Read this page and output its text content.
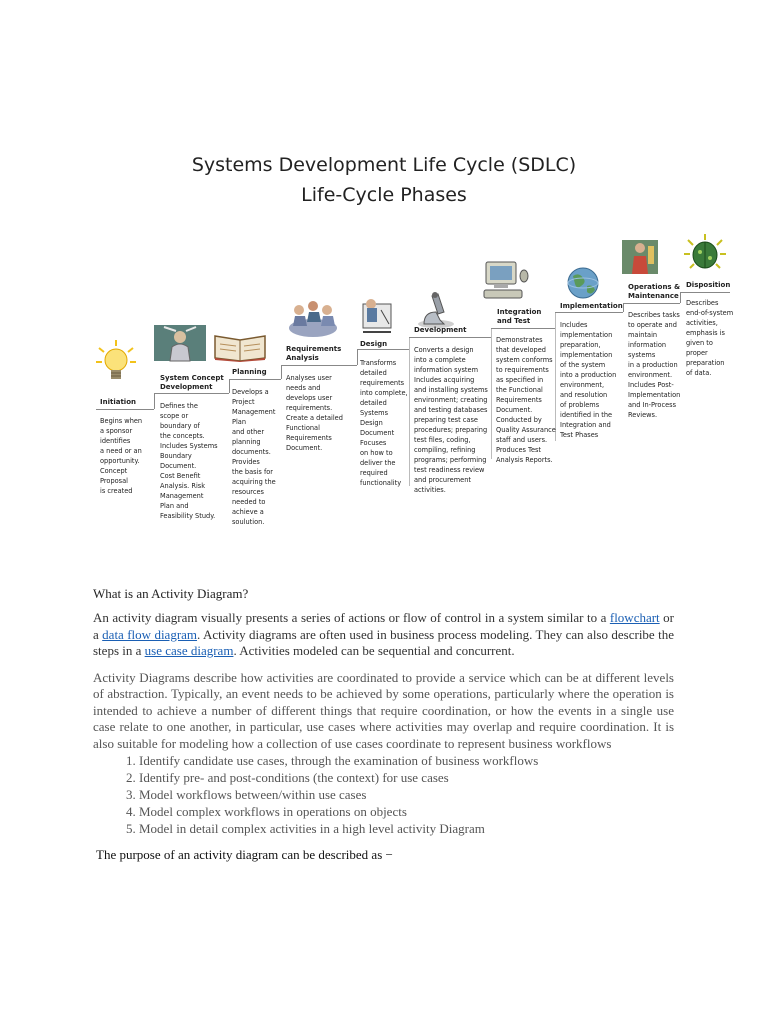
Systems Development Life Cycle (SDLC)
Life-Cycle Phases
Initiation
System Concept
Development
Planning
Requirements
Analysis
Design
Development
Integration
and Test
Implementation
Operations &
Maintenance
Disposition
Begins when
a sponsor
identifies
a need or an
opportunity.
Concept
Proposal
is created
Defines the
scope or
boundary of
the concepts.
Includes Systems
Boundary
Document.
Cost Benefit
Analysis. Risk
Management
Plan and
Feasibility Study.
Develops a
Project
Management
Plan
and other
planning
documents.
Provides
the basis for
acquiring the
resources
needed to
achieve a
soulution.
Analyses user
needs and
develops user
requirements.
Create a detailed
Functional
Requirements
Document.
Transforms
detailed
requirements
into complete,
detailed
Systems
Design
Document
Focuses
on how to
deliver the
required
functionality
Converts a design
into a complete
information system
Includes acquiring
and installing systems
environment; creating
and testing databases
preparing test case
procedures; preparing
test files, coding,
compiling, refining
programs; performing
test readiness review
and procurement
activities.
Demonstrates
that developed
system conforms
to requirements
as specified in
the Functional
Requirements
Document.
Conducted by
Quality Assurance
staff and users.
Produces Test
Analysis Reports.
Includes
implementation
preparation,
implementation
of the system
into a production
environment,
and resolution
of problems
identified in the
Integration and
Test Phases
Describes tasks
to operate and
maintain
information
systems
in a production
environment.
Includes Post-
Implementation
and In-Process
Reviews.
Describes
end-of-system
activities,
emphasis is
given to
proper
preparation
of data.

What is an Activity Diagram?

An activity diagram visually presents a series of actions or flow of control in a system similar to a flowchart or a data flow diagram. Activity diagrams are often used in business process modeling. They can also describe the steps in a use case diagram. Activities modeled can be sequential and concurrent.

Activity Diagrams describe how activities are coordinated to provide a service which can be at different levels of abstraction. Typically, an event needs to be achieved by some operations, particularly where the operation is intended to achieve a number of different things that require coordination, or how the events in a single use case relate to one another, in particular, use cases where activities may overlap and require coordination. It is also suitable for modeling how a collection of use cases coordinate to represent business workflows

1. Identify candidate use cases, through the examination of business workflows
2. Identify pre- and post-conditions (the context) for use cases
3. Model workflows between/within use cases
4. Model complex workflows in operations on objects
5. Model in detail complex activities in a high level activity Diagram

The purpose of an activity diagram can be described as −
